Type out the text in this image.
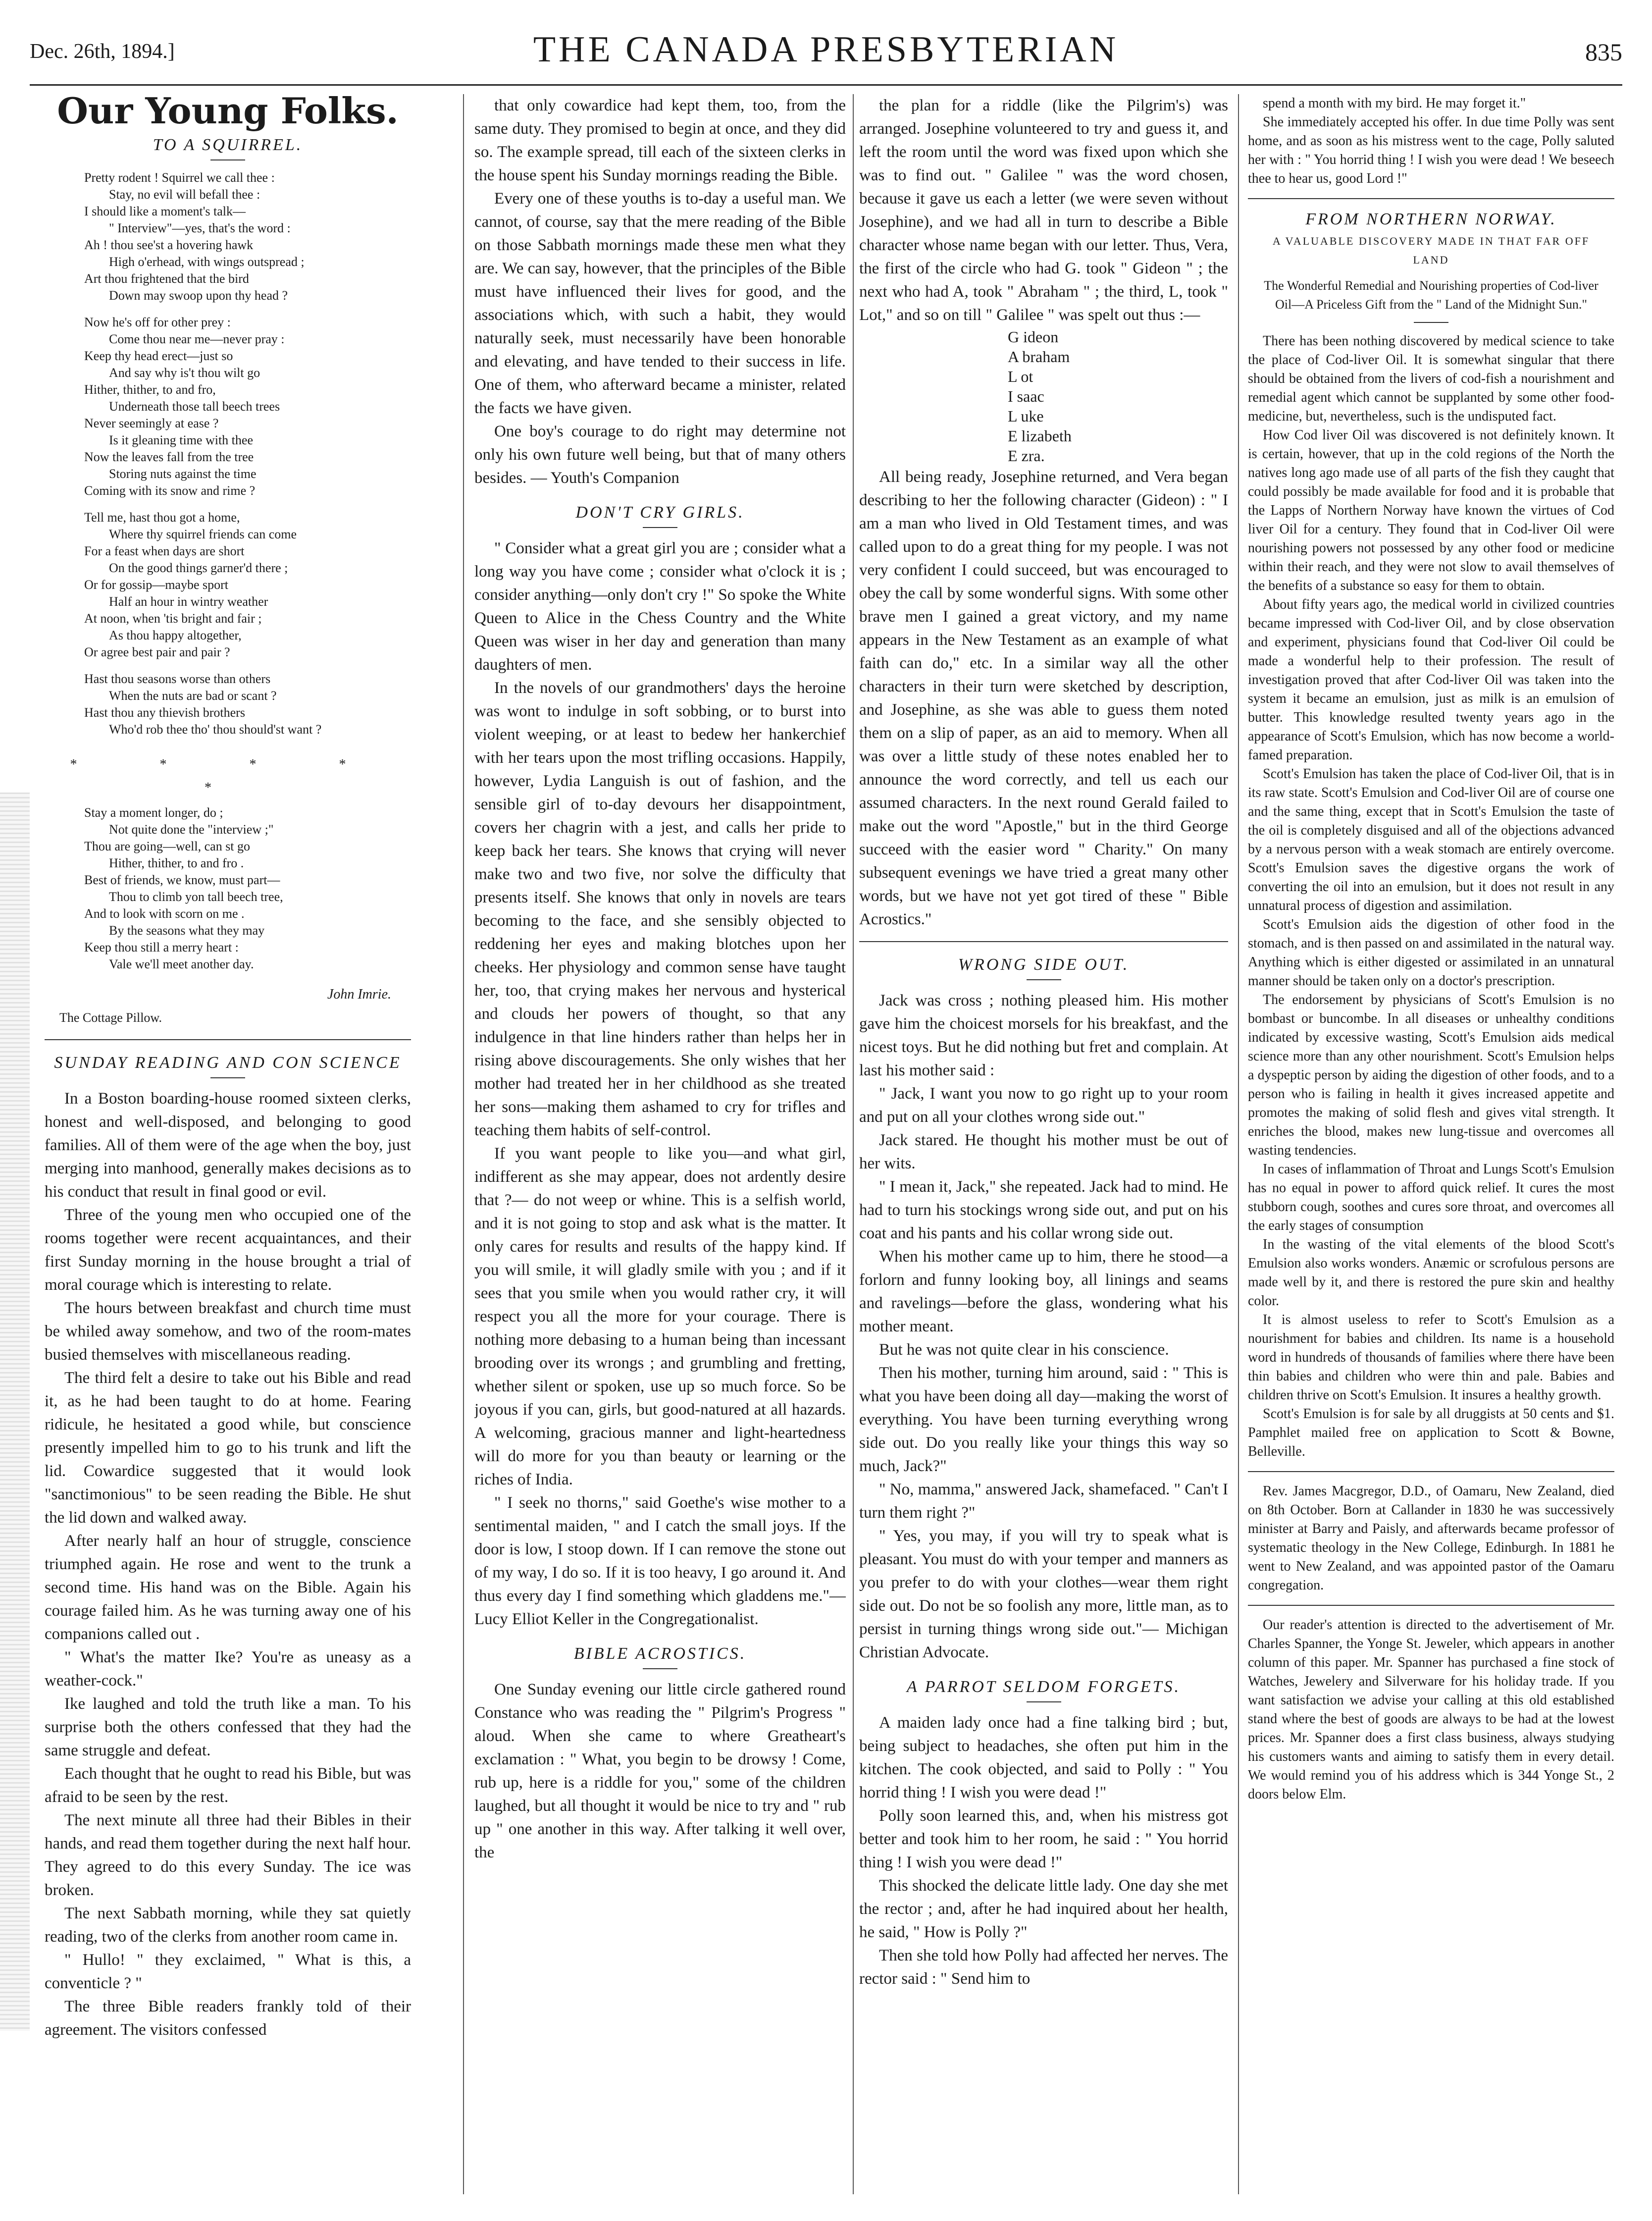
Dec. 26th, 1894.]	THE CANADA PRESBYTERIAN	835
Our Young Folks.
TO A SQUIRREL.
Pretty rodent ! Squirrel we call thee :
Stay, no evil will befall thee :
I should like a moment's talk—
" Interview"—yes, that's the word :
Ah ! thou see'st a hovering hawk
High o'erhead, with wings outspread ;
Art thou frightened that the bird
Down may swoop upon thy head ?
Now he's off for other prey :
Come thou near me—never pray :
Keep thy head erect—just so
And say why is't thou wilt go
Hither, thither, to and fro,
Underneath those tall beech trees
Never seemingly at ease ?
Is it gleaning time with thee
Now the leaves fall from the tree
Storing nuts against the time
Coming with its snow and rime ?
Tell me, hast thou got a home,
Where thy squirrel friends can come
For a feast when days are short
On the good things garner'd there ;
Or for gossip—maybe sport
Half an hour in wintry weather
At noon, when 'tis bright and fair ;
As thou happy altogether,
Or agree best pair and pair ?
Hast thou seasons worse than others
When the nuts are bad or scant ?
Hast thou any thievish brothers
Who'd rob thee tho' thou should'st want ?
* * * * *
Stay a moment longer, do ;
Not quite done the "interview ;"
Thou are going—well, can st go
Hither, thither, to and fro .
Best of friends, we know, must part—
Thou to climb yon tall beech tree,
And to look with scorn on me .
By the seasons what they may
Keep thou still a merry heart :
Vale we'll meet another day.
John Imrie.
The Cottage Pillow.
SUNDAY READING AND CON SCIENCE

In a Boston boarding-house roomed sixteen clerks, honest and well-disposed, and belonging to good families. All of them were of the age when the boy, just merging into manhood, generally makes decisions as to his conduct that result in final good or evil.

Three of the young men who occupied one of the rooms together were recent acquaintances, and their first Sunday morning in the house brought a trial of moral courage which is interesting to relate.

The hours between breakfast and church time must be whiled away somehow, and two of the room-mates busied themselves with miscellaneous reading.

The third felt a desire to take out his Bible and read it, as he had been taught to do at home. Fearing ridicule, he hesitated a good while, but conscience presently impelled him to go to his trunk and lift the lid. Cowardice suggested that it would look "sanctimonious" to be seen reading the Bible. He shut the lid down and walked away.

After nearly half an hour of struggle, conscience triumphed again. He rose and went to the trunk a second time. His hand was on the Bible. Again his courage failed him. As he was turning away one of his companions called out .

" What's the matter Ike? You're as uneasy as a weather-cock."

Ike laughed and told the truth like a man. To his surprise both the others confessed that they had the same struggle and defeat.

Each thought that he ought to read his Bible, but was afraid to be seen by the rest.

The next minute all three had their Bibles in their hands, and read them together during the next half hour. They agreed to do this every Sunday. The ice was broken.

The next Sabbath morning, while they sat quietly reading, two of the clerks from another room came in.

" Hullo! " they exclaimed, " What is this, a conventicle ? "

The three Bible readers frankly told of their agreement. The visitors confessed

that only cowardice had kept them, too, from the same duty. They promised to begin at once, and they did so. The example spread, till each of the sixteen clerks in the house spent his Sunday mornings reading the Bible.

Every one of these youths is to-day a useful man. We cannot, of course, say that the mere reading of the Bible on those Sabbath mornings made these men what they are. We can say, however, that the principles of the Bible must have influenced their lives for good, and the associations which, with such a habit, they would naturally seek, must necessarily have been honorable and elevating, and have tended to their success in life. One of them, who afterward became a minister, related the facts we have given.

One boy's courage to do right may determine not only his own future well being, but that of many others besides. — Youth's Companion

DON'T CRY GIRLS.

" Consider what a great girl you are ; consider what a long way you have come ; consider what o'clock it is ; consider anything—only don't cry !" So spoke the White Queen to Alice in the Chess Country and the White Queen was wiser in her day and generation than many daughters of men.

In the novels of our grandmothers' days the heroine was wont to indulge in soft sobbing, or to burst into violent weeping, or at least to bedew her hankerchief with her tears upon the most trifling occasions. Happily, however, Lydia Languish is out of fashion, and the sensible girl of to-day devours her disappointment, covers her chagrin with a jest, and calls her pride to keep back her tears. She knows that crying will never make two and two five, nor solve the difficulty that presents itself. She knows that only in novels are tears becoming to the face, and she sensibly objected to reddening her eyes and making blotches upon her cheeks. Her physiology and common sense have taught her, too, that crying makes her nervous and hysterical and clouds her powers of thought, so that any indulgence in that line hinders rather than helps her in rising above discouragements. She only wishes that her mother had treated her in her childhood as she treated her sons—making them ashamed to cry for trifles and teaching them habits of self-control.

If you want people to like you—and what girl, indifferent as she may appear, does not ardently desire that ?— do not weep or whine. This is a selfish world, and it is not going to stop and ask what is the matter. It only cares for results and results of the happy kind. If you will smile, it will gladly smile with you ; and if it sees that you smile when you would rather cry, it will respect you all the more for your courage. There is nothing more debasing to a human being than incessant brooding over its wrongs ; and grumbling and fretting, whether silent or spoken, use up so much force. So be joyous if you can, girls, but good-natured at all hazards. A welcoming, gracious manner and light-heartedness will do more for you than beauty or learning or the riches of India.

" I seek no thorns," said Goethe's wise mother to a sentimental maiden, " and I catch the small joys. If the door is low, I stoop down. If I can remove the stone out of my way, I do so. If it is too heavy, I go around it. And thus every day I find something which gladdens me."—Lucy Elliot Keller in the Congregationalist.

BIBLE ACROSTICS.

One Sunday evening our little circle gathered round Constance who was reading the " Pilgrim's Progress " aloud. When she came to where Greatheart's exclamation : " What, you begin to be drowsy ! Come, rub up, here is a riddle for you," some of the children laughed, but all thought it would be nice to try and " rub up " one another in this way. After talking it well over, the

the plan for a riddle (like the Pilgrim's) was arranged. Josephine volunteered to try and guess it, and left the room until the word was fixed upon which she was to find out. " Galilee " was the word chosen, because it gave us each a letter (we were seven without Josephine), and we had all in turn to describe a Bible character whose name began with our letter. Thus, Vera, the first of the circle who had G. took " Gideon " ; the next who had A, took " Abraham " ; the third, L, took " Lot," and so on till " Galilee " was spelt out thus :—

G ideon
A braham
L ot
I saac
L uke
E lizabeth
E zra.

All being ready, Josephine returned, and Vera began describing to her the following character (Gideon) : " I am a man who lived in Old Testament times, and was called upon to do a great thing for my people. I was not very confident I could succeed, but was encouraged to obey the call by some wonderful signs. With some other brave men I gained a great victory, and my name appears in the New Testament as an example of what faith can do," etc. In a similar way all the other characters in their turn were sketched by description, and Josephine, as she was able to guess them noted them on a slip of paper, as an aid to memory. When all was over a little study of these notes enabled her to announce the word correctly, and tell us each our assumed characters. In the next round Gerald failed to make out the word "Apostle," but in the third George succeed with the easier word " Charity." On many subsequent evenings we have tried a great many other words, but we have not yet got tired of these " Bible Acrostics."

WRONG SIDE OUT.

Jack was cross ; nothing pleased him. His mother gave him the choicest morsels for his breakfast, and the nicest toys. But he did nothing but fret and complain. At last his mother said :

" Jack, I want you now to go right up to your room and put on all your clothes wrong side out."

Jack stared. He thought his mother must be out of her wits.

" I mean it, Jack," she repeated. Jack had to mind. He had to turn his stockings wrong side out, and put on his coat and his pants and his collar wrong side out.

When his mother came up to him, there he stood—a forlorn and funny looking boy, all linings and seams and ravelings—before the glass, wondering what his mother meant.

But he was not quite clear in his conscience.

Then his mother, turning him around, said : " This is what you have been doing all day—making the worst of everything. You have been turning everything wrong side out. Do you really like your things this way so much, Jack?"

" No, mamma," answered Jack, shamefaced. " Can't I turn them right ?"

" Yes, you may, if you will try to speak what is pleasant. You must do with your temper and manners as you prefer to do with your clothes—wear them right side out. Do not be so foolish any more, little man, as to persist in turning things wrong side out."— Michigan Christian Advocate.

A PARROT SELDOM FORGETS.

A maiden lady once had a fine talking bird ; but, being subject to headaches, she often put him in the kitchen. The cook objected, and said to Polly : " You horrid thing ! I wish you were dead !"

Polly soon learned this, and, when his mistress got better and took him to her room, he said : " You horrid thing ! I wish you were dead !"

This shocked the delicate little lady. One day she met the rector ; and, after he had inquired about her health, he said, " How is Polly ?"

Then she told how Polly had affected her nerves. The rector said : " Send him to

spend a month with my bird. He may forget it."

She immediately accepted his offer. In due time Polly was sent home, and as soon as his mistress went to the cage, Polly saluted her with : " You horrid thing ! I wish you were dead ! We beseech thee to hear us, good Lord !"

FROM NORTHERN NORWAY.
A VALUABLE DISCOVERY MADE IN THAT FAR OFF LAND
The Wonderful Remedial and Nourishing properties of Cod-liver Oil—A Priceless Gift from the " Land of the Midnight Sun."

There has been nothing discovered by medical science to take the place of Cod-liver Oil. It is somewhat singular that there should be obtained from the livers of cod-fish a nourishment and remedial agent which cannot be supplanted by some other food-medicine, but, nevertheless, such is the undisputed fact.

How Cod liver Oil was discovered is not definitely known. It is certain, however, that up in the cold regions of the North the natives long ago made use of all parts of the fish they caught that could possibly be made available for food and it is probable that the Lapps of Northern Norway have known the virtues of Cod liver Oil for a century. They found that in Cod-liver Oil were nourishing powers not possessed by any other food or medicine within their reach, and they were not slow to avail themselves of the benefits of a substance so easy for them to obtain.

About fifty years ago, the medical world in civilized countries became impressed with Cod-liver Oil, and by close observation and experiment, physicians found that Cod-liver Oil could be made a wonderful help to their profession. The result of investigation proved that after Cod-liver Oil was taken into the system it became an emulsion, just as milk is an emulsion of butter. This knowledge resulted twenty years ago in the appearance of Scott's Emulsion, which has now become a world-famed preparation.

Scott's Emulsion has taken the place of Cod-liver Oil, that is in its raw state. Scott's Emulsion and Cod-liver Oil are of course one and the same thing, except that in Scott's Emulsion the taste of the oil is completely disguised and all of the objections advanced by a nervous person with a weak stomach are entirely overcome. Scott's Emulsion saves the digestive organs the work of converting the oil into an emulsion, but it does not result in any unnatural process of digestion and assimilation.

Scott's Emulsion aids the digestion of other food in the stomach, and is then passed on and assimilated in the natural way. Anything which is either digested or assimilated in an unnatural manner should be taken only on a doctor's prescription.

The endorsement by physicians of Scott's Emulsion is no bombast or buncombe. In all diseases or unhealthy conditions indicated by excessive wasting, Scott's Emulsion aids medical science more than any other nourishment. Scott's Emulsion helps a dyspeptic person by aiding the digestion of other foods, and to a person who is failing in health it gives increased appetite and promotes the making of solid flesh and gives vital strength. It enriches the blood, makes new lung-tissue and overcomes all wasting tendencies.

In cases of inflammation of Throat and Lungs Scott's Emulsion has no equal in power to afford quick relief. It cures the most stubborn cough, soothes and cures sore throat, and overcomes all the early stages of consumption

In the wasting of the vital elements of the blood Scott's Emulsion also works wonders. Anæmic or scrofulous persons are made well by it, and there is restored the pure skin and healthy color.

It is almost useless to refer to Scott's Emulsion as a nourishment for babies and children. Its name is a household word in hundreds of thousands of families where there have been thin babies and children who were thin and pale. Babies and children thrive on Scott's Emulsion. It insures a healthy growth.

Scott's Emulsion is for sale by all druggists at 50 cents and $1. Pamphlet mailed free on application to Scott & Bowne, Belleville.

Rev. James Macgregor, D.D., of Oamaru, New Zealand, died on 8th October. Born at Callander in 1830 he was successively minister at Barry and Paisly, and afterwards became professor of systematic theology in the New College, Edinburgh. In 1881 he went to New Zealand, and was appointed pastor of the Oamaru congregation.

Our reader's attention is directed to the advertisement of Mr. Charles Spanner, the Yonge St. Jeweler, which appears in another column of this paper. Mr. Spanner has purchased a fine stock of Watches, Jewelery and Silverware for his holiday trade. If you want satisfaction we advise your calling at this old established stand where the best of goods are always to be had at the lowest prices. Mr. Spanner does a first class business, always studying his customers wants and aiming to satisfy them in every detail. We would remind you of his address which is 344 Yonge St., 2 doors below Elm.
